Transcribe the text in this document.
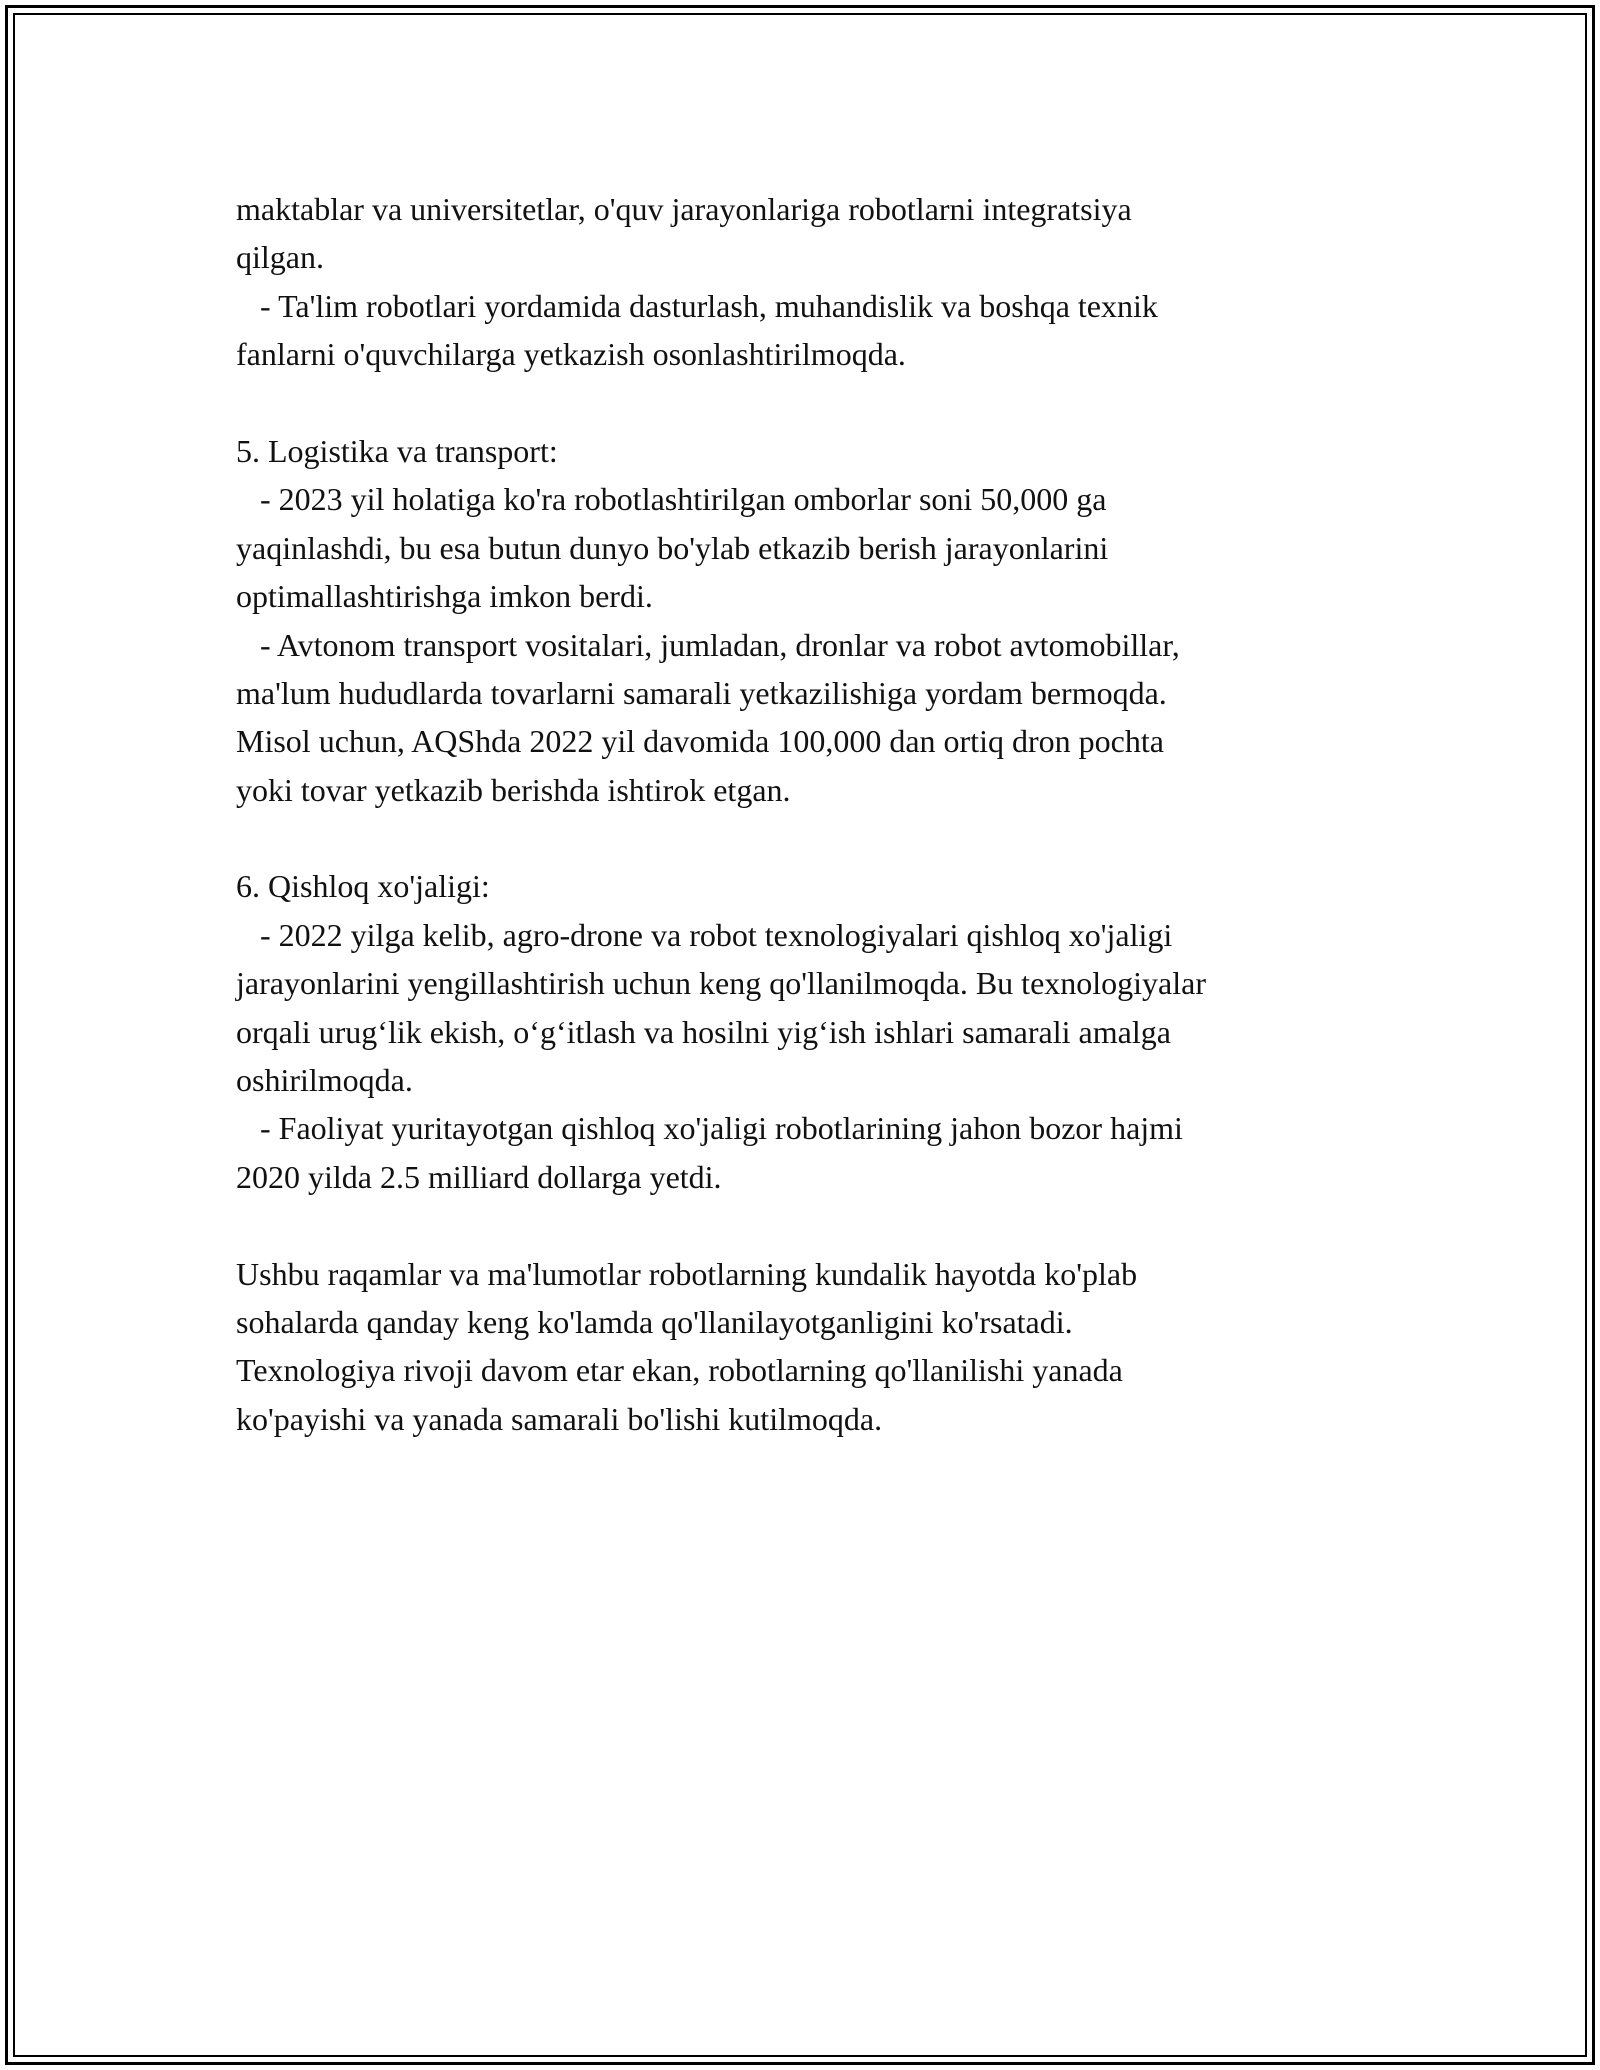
maktablar va universitetlar, o'quv jarayonlariga robotlarni integratsiya
qilgan.
- Ta'lim robotlari yordamida dasturlash, muhandislik va boshqa texnik
fanlarni o'quvchilarga yetkazish osonlashtirilmoqda.
5. Logistika va transport:
- 2023 yil holatiga ko'ra robotlashtirilgan omborlar soni 50,000 ga
yaqinlashdi, bu esa butun dunyo bo'ylab etkazib berish jarayonlarini
optimallashtirishga imkon berdi.
- Avtonom transport vositalari, jumladan, dronlar va robot avtomobillar,
ma'lum hududlarda tovarlarni samarali yetkazilishiga yordam bermoqda.
Misol uchun, AQShda 2022 yil davomida 100,000 dan ortiq dron pochta
yoki tovar yetkazib berishda ishtirok etgan.
6. Qishloq xo'jaligi:
- 2022 yilga kelib, agro-drone va robot texnologiyalari qishloq xo'jaligi
jarayonlarini yengillashtirish uchun keng qo'llanilmoqda. Bu texnologiyalar
orqali urug‘lik ekish, o‘g‘itlash va hosilni yig‘ish ishlari samarali amalga
oshirilmoqda.
- Faoliyat yuritayotgan qishloq xo'jaligi robotlarining jahon bozor hajmi
2020 yilda 2.5 milliard dollarga yetdi.
Ushbu raqamlar va ma'lumotlar robotlarning kundalik hayotda ko'plab
sohalarda qanday keng ko'lamda qo'llanilayotganligini ko'rsatadi.
Texnologiya rivoji davom etar ekan, robotlarning qo'llanilishi yanada
ko'payishi va yanada samarali bo'lishi kutilmoqda.
